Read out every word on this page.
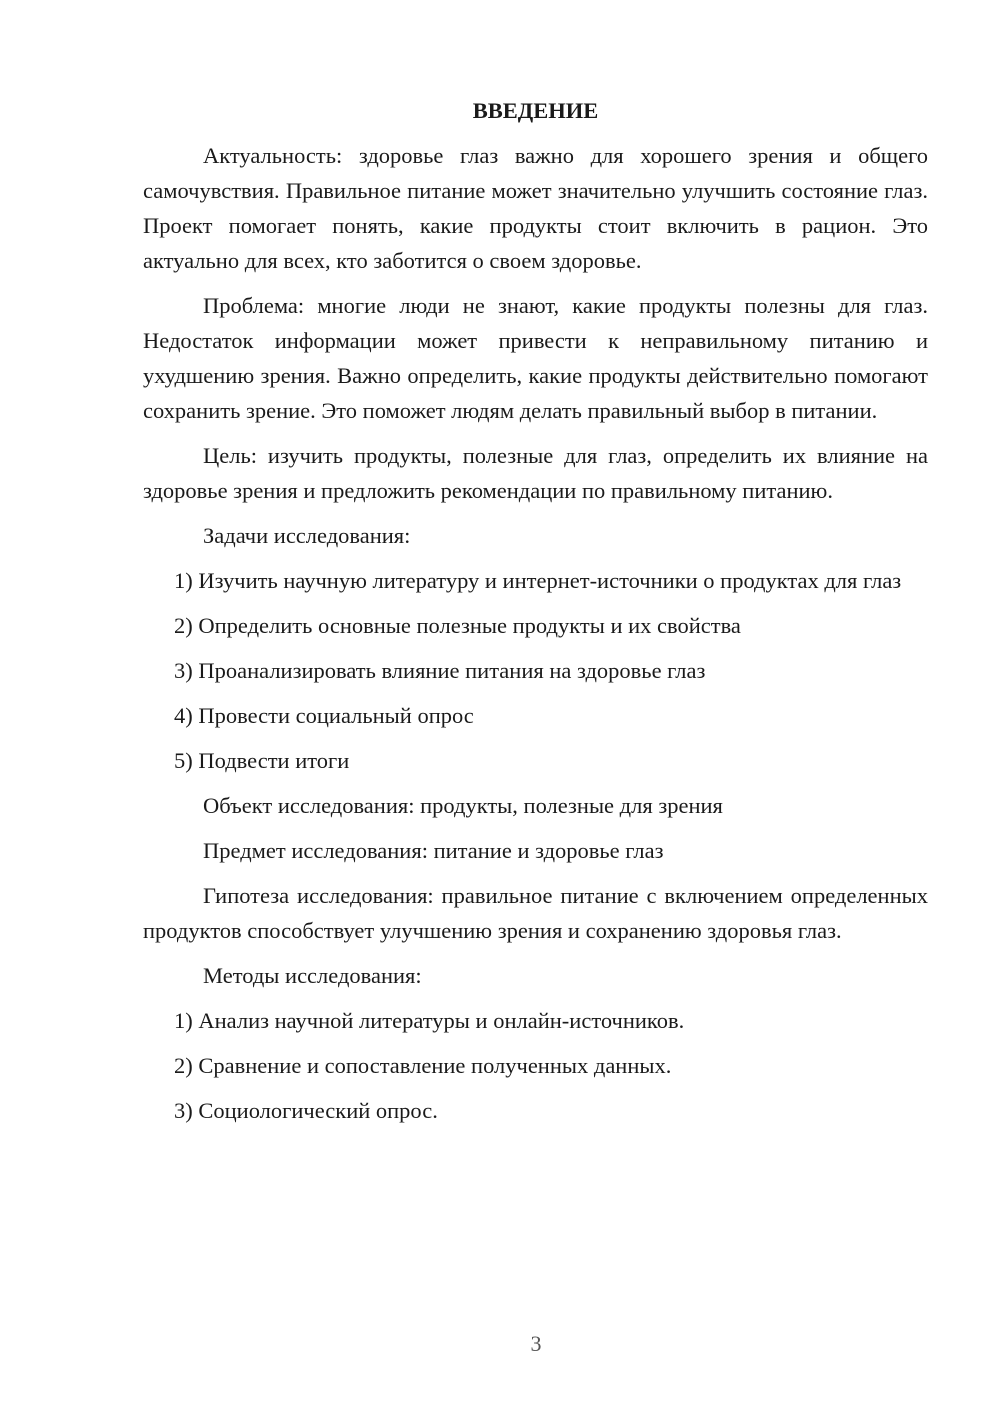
ВВЕДЕНИЕ
Актуальность: здоровье глаз важно для хорошего зрения и общего самочувствия. Правильное питание может значительно улучшить состояние глаз. Проект помогает понять, какие продукты стоит включить в рацион. Это актуально для всех, кто заботится о своем здоровье.
Проблема: многие люди не знают, какие продукты полезны для глаз. Недостаток информации может привести к неправильному питанию и ухудшению зрения. Важно определить, какие продукты действительно помогают сохранить зрение. Это поможет людям делать правильный выбор в питании.
Цель: изучить продукты, полезные для глаз, определить их влияние на здоровье зрения и предложить рекомендации по правильному питанию.
Задачи исследования:
1) Изучить научную литературу и интернет-источники о продуктах для глаз
2) Определить основные полезные продукты и их свойства
3) Проанализировать влияние питания на здоровье глаз
4) Провести социальный опрос
5) Подвести итоги
Объект исследования: продукты, полезные для зрения
Предмет исследования: питание и здоровье глаз
Гипотеза исследования: правильное питание с включением определенных продуктов способствует улучшению зрения и сохранению здоровья глаз.
Методы исследования:
1) Анализ научной литературы и онлайн-источников.
2) Сравнение и сопоставление полученных данных.
3) Социологический опрос.
3
